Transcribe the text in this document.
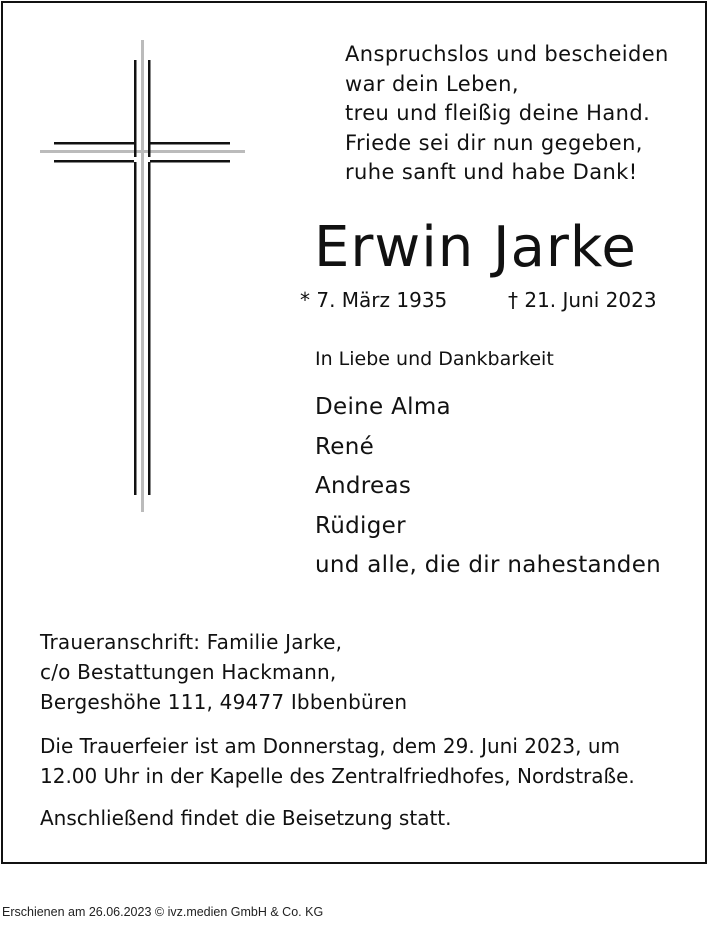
Anspruchslos und bescheiden
war dein Leben,
treu und fleißig deine Hand.
Friede sei dir nun gegeben,
ruhe sanft und habe Dank!
Erwin Jarke
* 7. März 1935	† 21. Juni 2023
In Liebe und Dankbarkeit
Deine Alma
René
Andreas
Rüdiger
und alle, die dir nahestanden
Traueranschrift: Familie Jarke,
c/o Bestattungen Hackmann,
Bergeshöhe 111, 49477 Ibbenbüren
Die Trauerfeier ist am Donnerstag, dem 29. Juni 2023, um
12.00 Uhr in der Kapelle des Zentralfriedhofes, Nordstraße.
Anschließend findet die Beisetzung statt.
Erschienen am 26.06.2023 © ivz.medien GmbH & Co. KG
